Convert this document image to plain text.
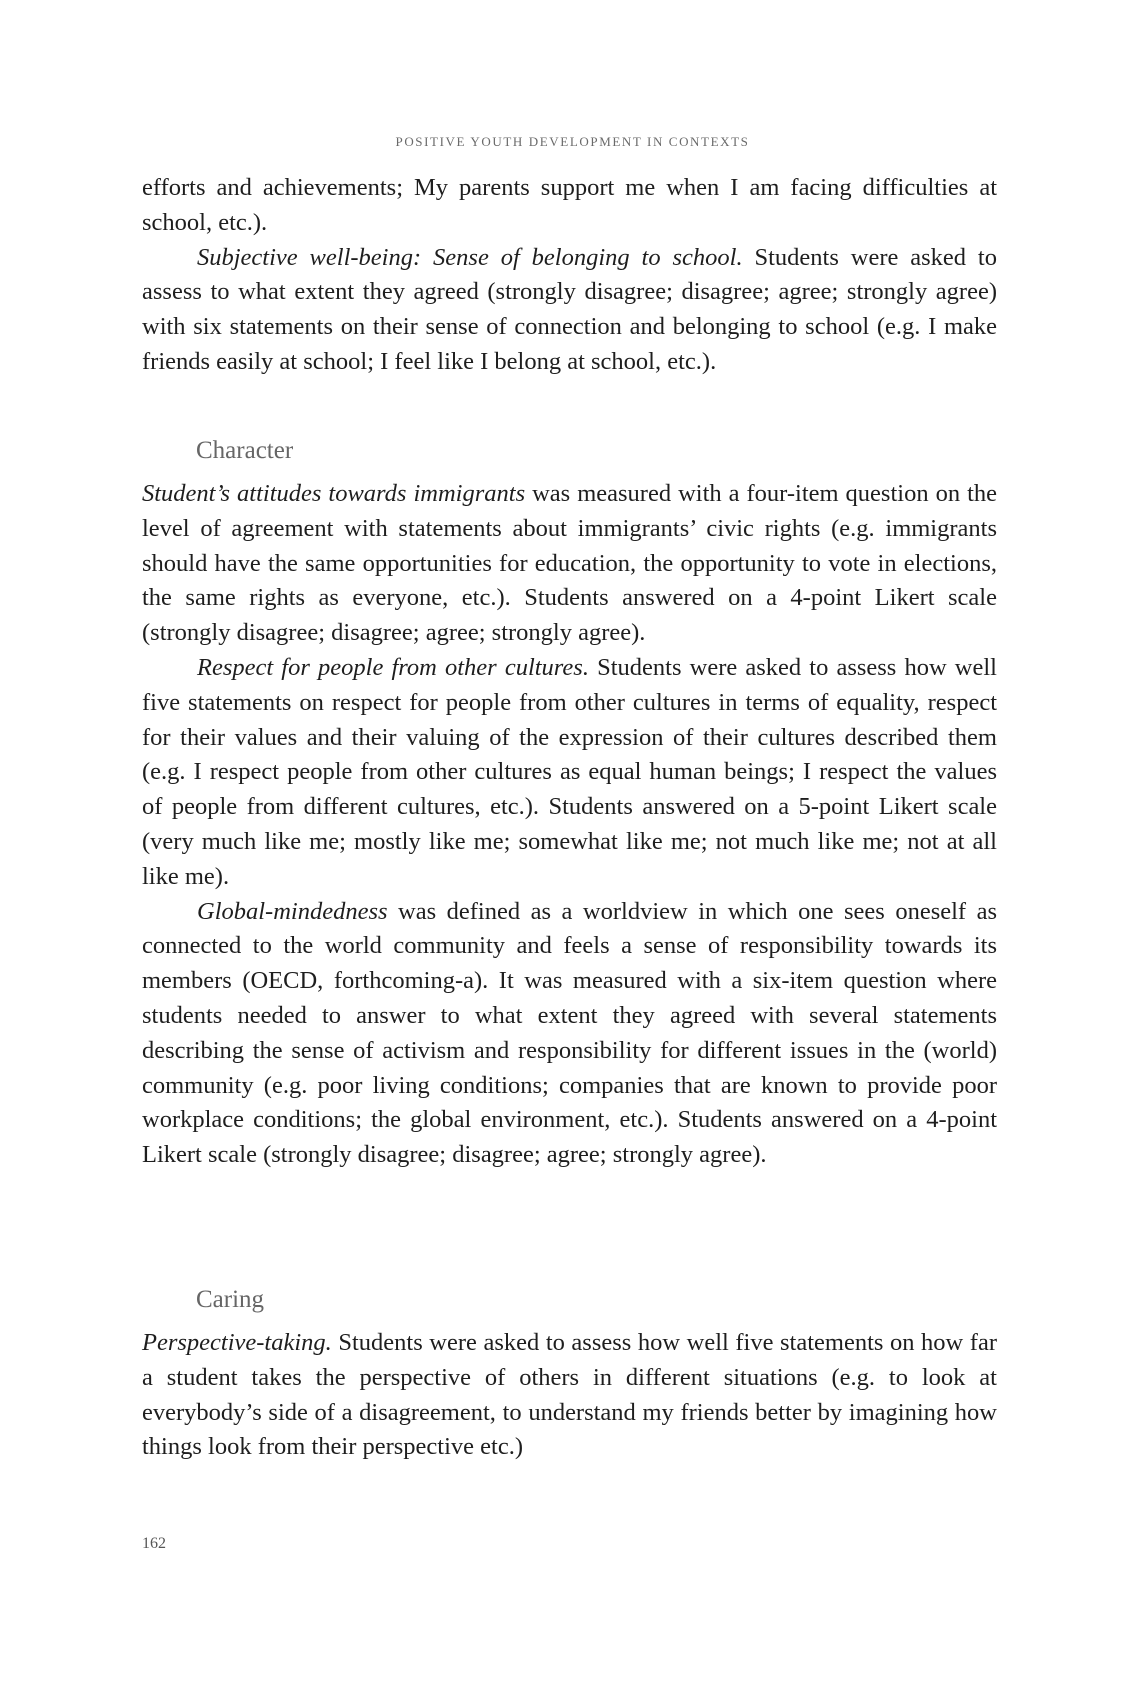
POSITIVE YOUTH DEVELOPMENT IN CONTEXTS

efforts and achievements; My parents support me when I am facing difficulties at school, etc.).

Subjective well-being: Sense of belonging to school. Students were asked to assess to what extent they agreed (strongly disagree; disagree; agree; strongly agree) with six statements on their sense of connection and belonging to school (e.g. I make friends easily at school; I feel like I belong at school, etc.).

Character

Student’s attitudes towards immigrants was measured with a four-item question on the level of agreement with statements about immigrants’ civic rights (e.g. immigrants should have the same opportunities for education, the opportunity to vote in elections, the same rights as everyone, etc.). Students answered on a 4-point Likert scale (strongly disagree; disagree; agree; strongly agree).

Respect for people from other cultures. Students were asked to assess how well five statements on respect for people from other cultures in terms of equality, respect for their values and their valuing of the expression of their cultures described them (e.g. I respect people from other cultures as equal human beings; I respect the values of people from different cultures, etc.). Students answered on a 5-point Likert scale (very much like me; mostly like me; somewhat like me; not much like me; not at all like me).

Global-mindedness was defined as a worldview in which one sees oneself as connected to the world community and feels a sense of responsibility towards its members (OECD, forthcoming-a). It was measured with a six-item question where students needed to answer to what extent they agreed with several statements describing the sense of activism and responsibility for different issues in the (world) community (e.g. poor living conditions; companies that are known to provide poor workplace conditions; the global environment, etc.). Students answered on a 4-point Likert scale (strongly disagree; disagree; agree; strongly agree).

Caring

Perspective-taking. Students were asked to assess how well five statements on how far a student takes the perspective of others in different situations (e.g. to look at everybody’s side of a disagreement, to understand my friends better by imagining how things look from their perspective etc.)

162
